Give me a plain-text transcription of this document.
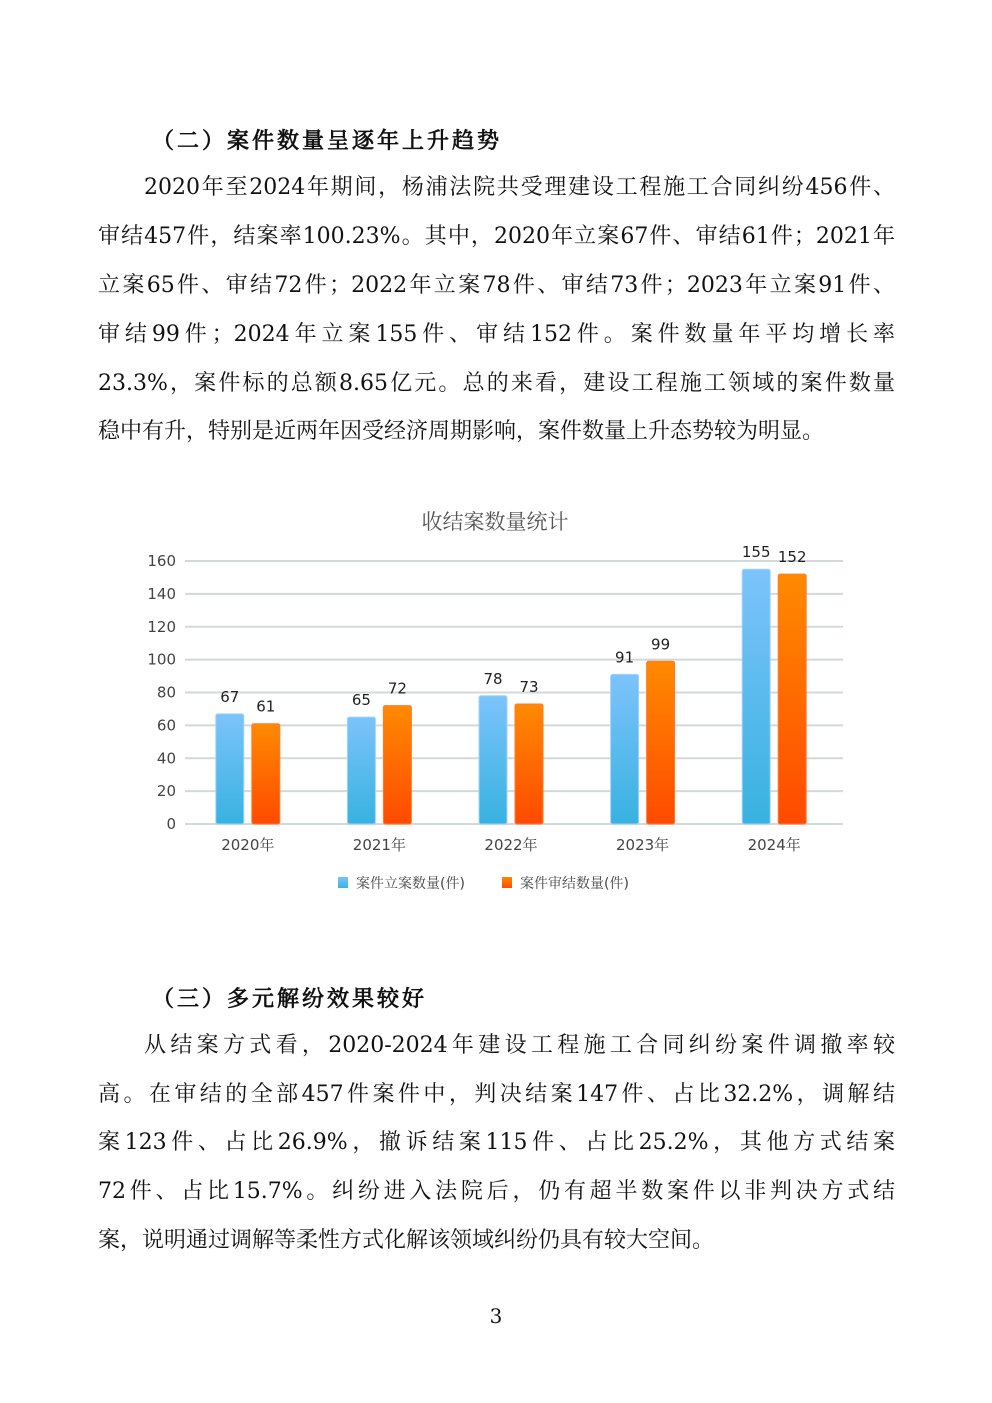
（二）案件数量呈逐年上升趋势
2020年至2024年期间，杨浦法院共受理建设工程施工合同纠纷456件、
审结457件，结案率100.23%。其中，2020年立案67件、审结61件；2021年
立案65件、审结72件；2022年立案78件、审结73件；2023年立案91件、
审结99件；2024年立案155件、审结152件。案件数量年平均增长率
23.3%，案件标的总额8.65亿元。总的来看，建设工程施工领域的案件数量
稳中有升，特别是近两年因受经济周期影响，案件数量上升态势较为明显。
收结案数量统计
0
20
40
60
80
100
120
140
160
2020年
67
61
2021年
65
72
2022年
78 73
2023年
91
99
2024年
155 152
案件立案数量(件)	案件审结数量(件)
（三）多元解纷效果较好
从结案方式看，2020-2024年建设工程施工合同纠纷案件调撤率较
高。在审结的全部457件案件中，判决结案147件、占比32.2%，调解结
案123件、占比26.9%，撤诉结案115件、占比25.2%，其他方式结案
72件、占比15.7%。纠纷进入法院后，仍有超半数案件以非判决方式结
案，说明通过调解等柔性方式化解该领域纠纷仍具有较大空间。
3
